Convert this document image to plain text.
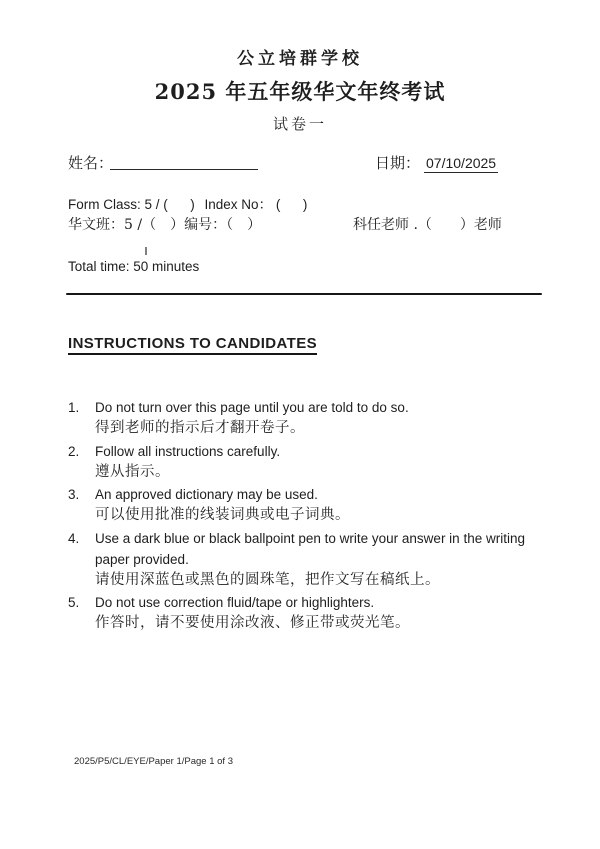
公立培群学校
2025 年五年级华文年终考试
试卷一
姓名：	日期： 07/10/2025
Form Class: 5 / (      ) Index No： (      )
华文班：5 /（　）编号：（　）	科任老师 .（　　）老师
Total time: 50 minutes
INSTRUCTIONS TO CANDIDATES
1.	Do not turn over this page until you are told to do so.
得到老师的指示后才翻开卷子。
2.	Follow all instructions carefully.
遵从指示。
3.	An approved dictionary may be used.
可以使用批准的线装词典或电子词典。
4.	Use a dark blue or black ballpoint pen to write your answer in the writing paper provided.
请使用深蓝色或黑色的圆珠笔，把作文写在稿纸上。
5.	Do not use correction fluid/tape or highlighters.
作答时，请不要使用涂改液、修正带或荧光笔。
2025/P5/CL/EYE/Paper 1/Page 1 of 3
